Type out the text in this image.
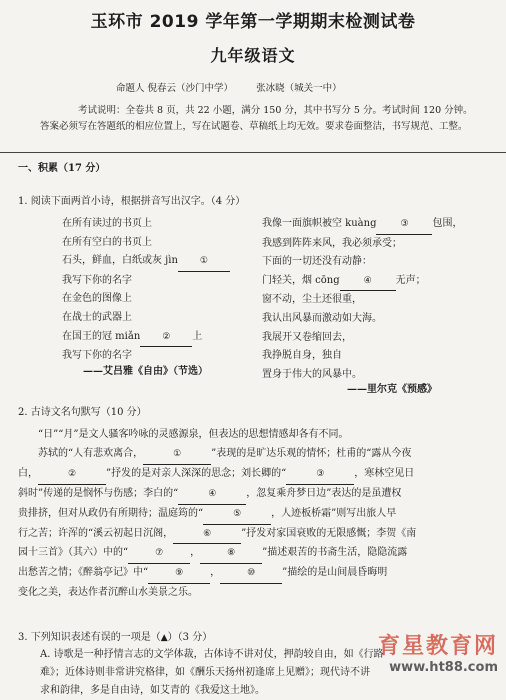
玉环市 2019 学年第一学期期末检测试卷
九年级语文
命题人 倪春云（沙门中学） 张冰晓（城关一中）
考试说明：全卷共 8 页，共 22 小题，满分 150 分，其中书写分 5 分。考试时间 120 分钟。答案必须写在答题纸的相应位置上，写在试题卷、草稿纸上均无效。要求卷面整洁，书写规范、工整。
一、积累（17 分）
1. 阅读下面两首小诗，根据拼音写出汉字。（4 分）
在所有读过的书页上
在所有空白的书页上
石头，鲜血，白纸或灰 jìn ①
我写下你的名字
在金色的图像上
在战士的武器上
在国王的冠 miǎn ② 上
我写下你的名字
我像一面旗帜被空 kuàng	③ 包围，
我感到阵阵来风，我必须承受；
下面的一切还没有动静：
门轻关，烟 cōng	④ 无声；
窗不动，尘土还很重，
我认出风暴而激动如大海。
我展开又卷缩回去，
我挣脱自身，独自
置身于伟大的风暴中。
——艾吕雅《自由》（节选）
——里尔克《预感》
2. 古诗文名句默写（10 分）
“日”“月”是文人骚客吟咏的灵感源泉，但表达的思想情感却各有不同。
苏轼的“人有悲欢离合，	①	”表现的是旷达乐观的情怀；杜甫的“露从今夜
白，	②	”抒发的是对亲人深深的思念；刘长卿的“	③	，寒林空见日
斜时”传递的是悯怀与伤感；李白的“	④	，忽复乘舟梦日边”表达的是虽遭权
贵排挤，但对从政仍有所期待；温庭筠的“	⑤	，人迹板桥霜”则写出旅人早
行之苦；许浑的“溪云初起日沉阁，	⑥	”抒发对家国衰败的无限感慨；李贺《南
园十三首》（其六）中的“	⑦	，	⑧	”描述艰苦的书斋生活，隐隐流露
出愁苦之情；《醉翁亭记》中“	⑨	，	⑩	”描绘的是山间晨昏晦明
变化之美，表达作者沉醉山水美景之乐。
3. 下列知识表述有误的一项是（▲）（3 分）
A. 诗歌是一种抒情言志的文学体裁，古体诗不讲对仗，押韵较自由，如《行路
难》；近体诗则非常讲究格律，如《酬乐天扬州初逢席上见赠》；现代诗不讲
求和韵律，多是自由诗，如艾青的《我爱这土地》。
育星教育网
www.ht88.com
